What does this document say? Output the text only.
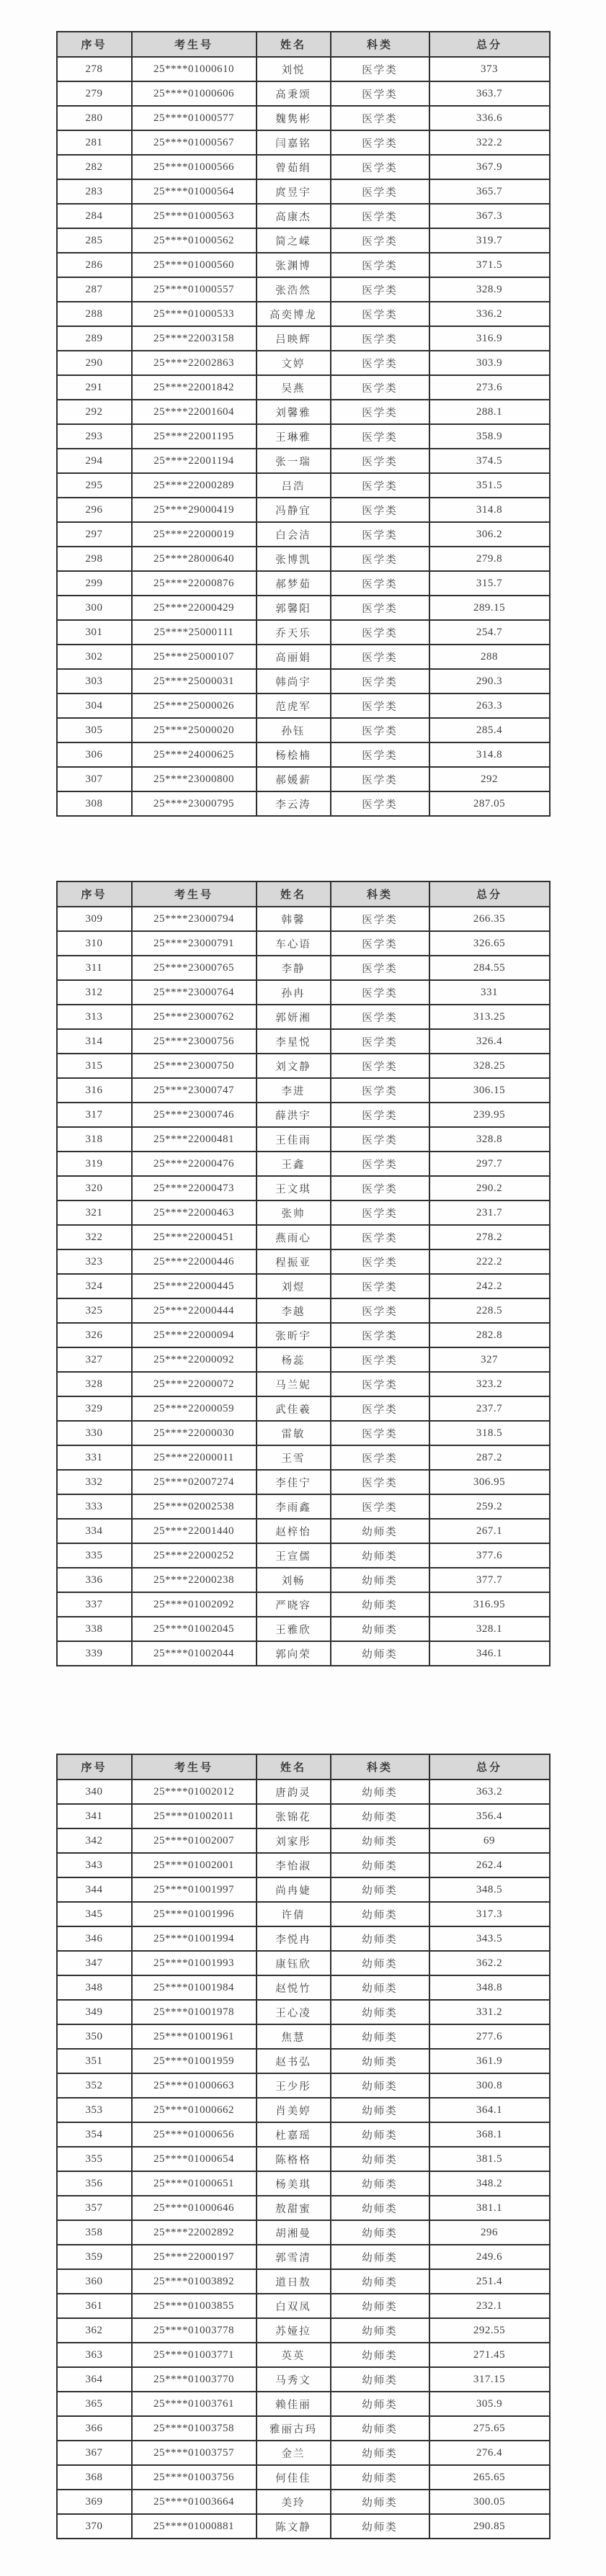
序号	考生号	姓名	科类	总分
278	25****01000610	刘悦	医学类	373
279	25****01000606	高秉颂	医学类	363.7
280	25****01000577	魏隽彬	医学类	336.6
281	25****01000567	闫嘉铭	医学类	322.2
282	25****01000566	曾茹绢	医学类	367.9
283	25****01000564	庹昱宇	医学类	365.7
284	25****01000563	高康杰	医学类	367.3
285	25****01000562	简之嵘	医学类	319.7
286	25****01000560	张渊博	医学类	371.5
287	25****01000557	张浩然	医学类	328.9
288	25****01000533	高奕博龙	医学类	336.2
289	25****22003158	吕映辉	医学类	316.9
290	25****22002863	文婷	医学类	303.9
291	25****22001842	吴燕	医学类	273.6
292	25****22001604	刘馨雅	医学类	288.1
293	25****22001195	王琳雅	医学类	358.9
294	25****22001194	张一瑞	医学类	374.5
295	25****22000289	吕浩	医学类	351.5
296	25****29000419	冯静宜	医学类	314.8
297	25****22000019	白会洁	医学类	306.2
298	25****28000640	张博凯	医学类	279.8
299	25****22000876	郝梦茹	医学类	315.7
300	25****22000429	郭馨阳	医学类	289.15
301	25****25000111	乔天乐	医学类	254.7
302	25****25000107	高丽娟	医学类	288
303	25****25000031	韩尚宇	医学类	290.3
304	25****25000026	范虎军	医学类	263.3
305	25****25000020	孙钰	医学类	285.4
306	25****24000625	杨桧楠	医学类	314.8
307	25****23000800	郝媛薪	医学类	292
308	25****23000795	李云涛	医学类	287.05
序号	考生号	姓名	科类	总分
309	25****23000794	韩馨	医学类	266.35
310	25****23000791	车心语	医学类	326.65
311	25****23000765	李静	医学类	284.55
312	25****23000764	孙冉	医学类	331
313	25****23000762	郭妍湘	医学类	313.25
314	25****23000756	李星悦	医学类	326.4
315	25****23000750	刘文静	医学类	328.25
316	25****23000747	李进	医学类	306.15
317	25****23000746	薛洪宇	医学类	239.95
318	25****22000481	王佳雨	医学类	328.8
319	25****22000476	王鑫	医学类	297.7
320	25****22000473	王文琪	医学类	290.2
321	25****22000463	张帅	医学类	231.7
322	25****22000451	燕雨心	医学类	278.2
323	25****22000446	程振亚	医学类	222.2
324	25****22000445	刘煜	医学类	242.2
325	25****22000444	李越	医学类	228.5
326	25****22000094	张昕宇	医学类	282.8
327	25****22000092	杨蕊	医学类	327
328	25****22000072	马兰妮	医学类	323.2
329	25****22000059	武佳羲	医学类	237.7
330	25****22000030	雷敏	医学类	318.5
331	25****22000011	王雪	医学类	287.2
332	25****02007274	李佳宁	医学类	306.95
333	25****02002538	李雨鑫	医学类	259.2
334	25****22001440	赵梓怡	幼师类	267.1
335	25****22000252	王宣儒	幼师类	377.6
336	25****22000238	刘畅	幼师类	377.7
337	25****01002092	严晓容	幼师类	316.95
338	25****01002045	王雅欣	幼师类	328.1
339	25****01002044	郭向荣	幼师类	346.1
序号	考生号	姓名	科类	总分
340	25****01002012	唐韵灵	幼师类	363.2
341	25****01002011	张锦花	幼师类	356.4
342	25****01002007	刘家彤	幼师类	69
343	25****01002001	李怡淑	幼师类	262.4
344	25****01001997	尚冉婕	幼师类	348.5
345	25****01001996	许倩	幼师类	317.3
346	25****01001994	李悦冉	幼师类	343.5
347	25****01001993	康钰欣	幼师类	362.2
348	25****01001984	赵悦竹	幼师类	348.8
349	25****01001978	王心凌	幼师类	331.2
350	25****01001961	焦慧	幼师类	277.6
351	25****01001959	赵书弘	幼师类	361.9
352	25****01000663	王少彤	幼师类	300.8
353	25****01000662	肖美婷	幼师类	364.1
354	25****01000656	杜嘉瑶	幼师类	368.1
355	25****01000654	陈格格	幼师类	381.5
356	25****01000651	杨美琪	幼师类	348.2
357	25****01000646	敖甜蜜	幼师类	381.1
358	25****22002892	胡湘曼	幼师类	296
359	25****22000197	郭雪清	幼师类	249.6
360	25****01003892	道日敖	幼师类	251.4
361	25****01003855	白双凤	幼师类	232.1
362	25****01003778	苏娅拉	幼师类	292.55
363	25****01003771	英英	幼师类	271.45
364	25****01003770	马秀文	幼师类	317.15
365	25****01003761	赖佳丽	幼师类	305.9
366	25****01003758	雅丽古玛	幼师类	275.65
367	25****01003757	金兰	幼师类	276.4
368	25****01003756	何佳佳	幼师类	265.65
369	25****01003664	美玲	幼师类	300.05
370	25****01000881	陈文静	幼师类	290.85
